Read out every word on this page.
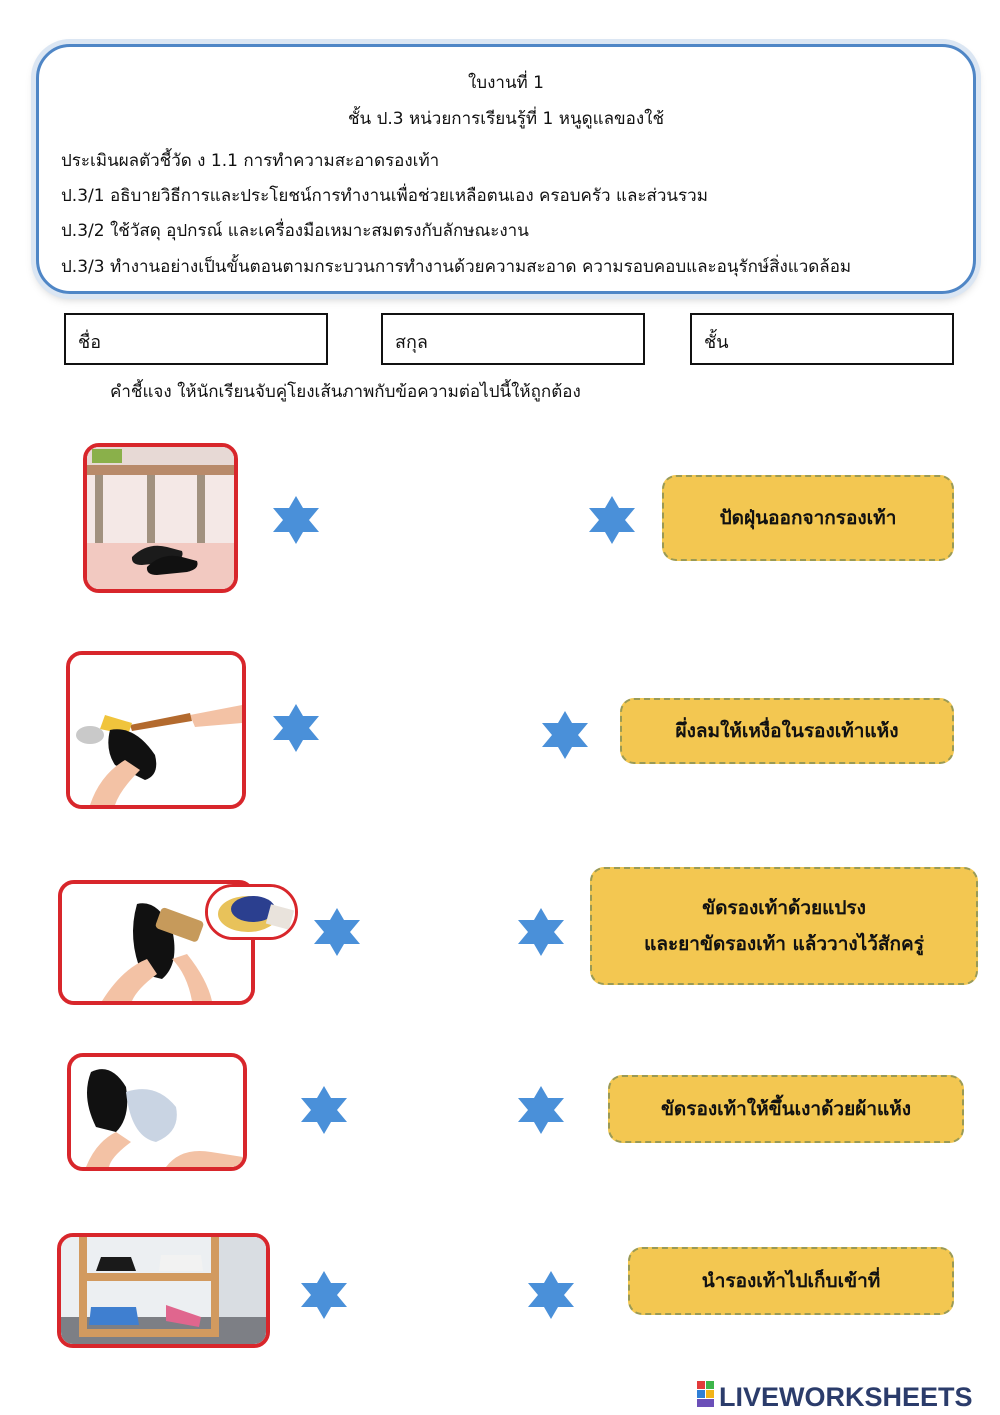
ใบงานที่ 1
ชั้น ป.3 หน่วยการเรียนรู้ที่ 1 หนูดูแลของใช้
ประเมินผลตัวชี้วัด ง 1.1 การทำความสะอาดรองเท้า
ป.3/1 อธิบายวิธีการและประโยชน์การทำงานเพื่อช่วยเหลือตนเอง ครอบครัว และส่วนรวม
ป.3/2 ใช้วัสดุ อุปกรณ์ และเครื่องมือเหมาะสมตรงกับลักษณะงาน
ป.3/3 ทำงานอย่างเป็นขั้นตอนตามกระบวนการทำงานด้วยความสะอาด ความรอบคอบและอนุรักษ์สิ่งแวดล้อม
ชื่อ	สกุล	ชั้น
คำชี้แจง ให้นักเรียนจับคู่โยงเส้นภาพกับข้อความต่อไปนี้ให้ถูกต้อง
ปัดฝุ่นออกจากรองเท้า
ผึ่งลมให้เหงื่อในรองเท้าแห้ง
ขัดรองเท้าด้วยแปรง
และยาขัดรองเท้า แล้ววางไว้สักครู่
ขัดรองเท้าให้ขึ้นเงาด้วยผ้าแห้ง
นำรองเท้าไปเก็บเข้าที่
LIVEWORKSHEETS
